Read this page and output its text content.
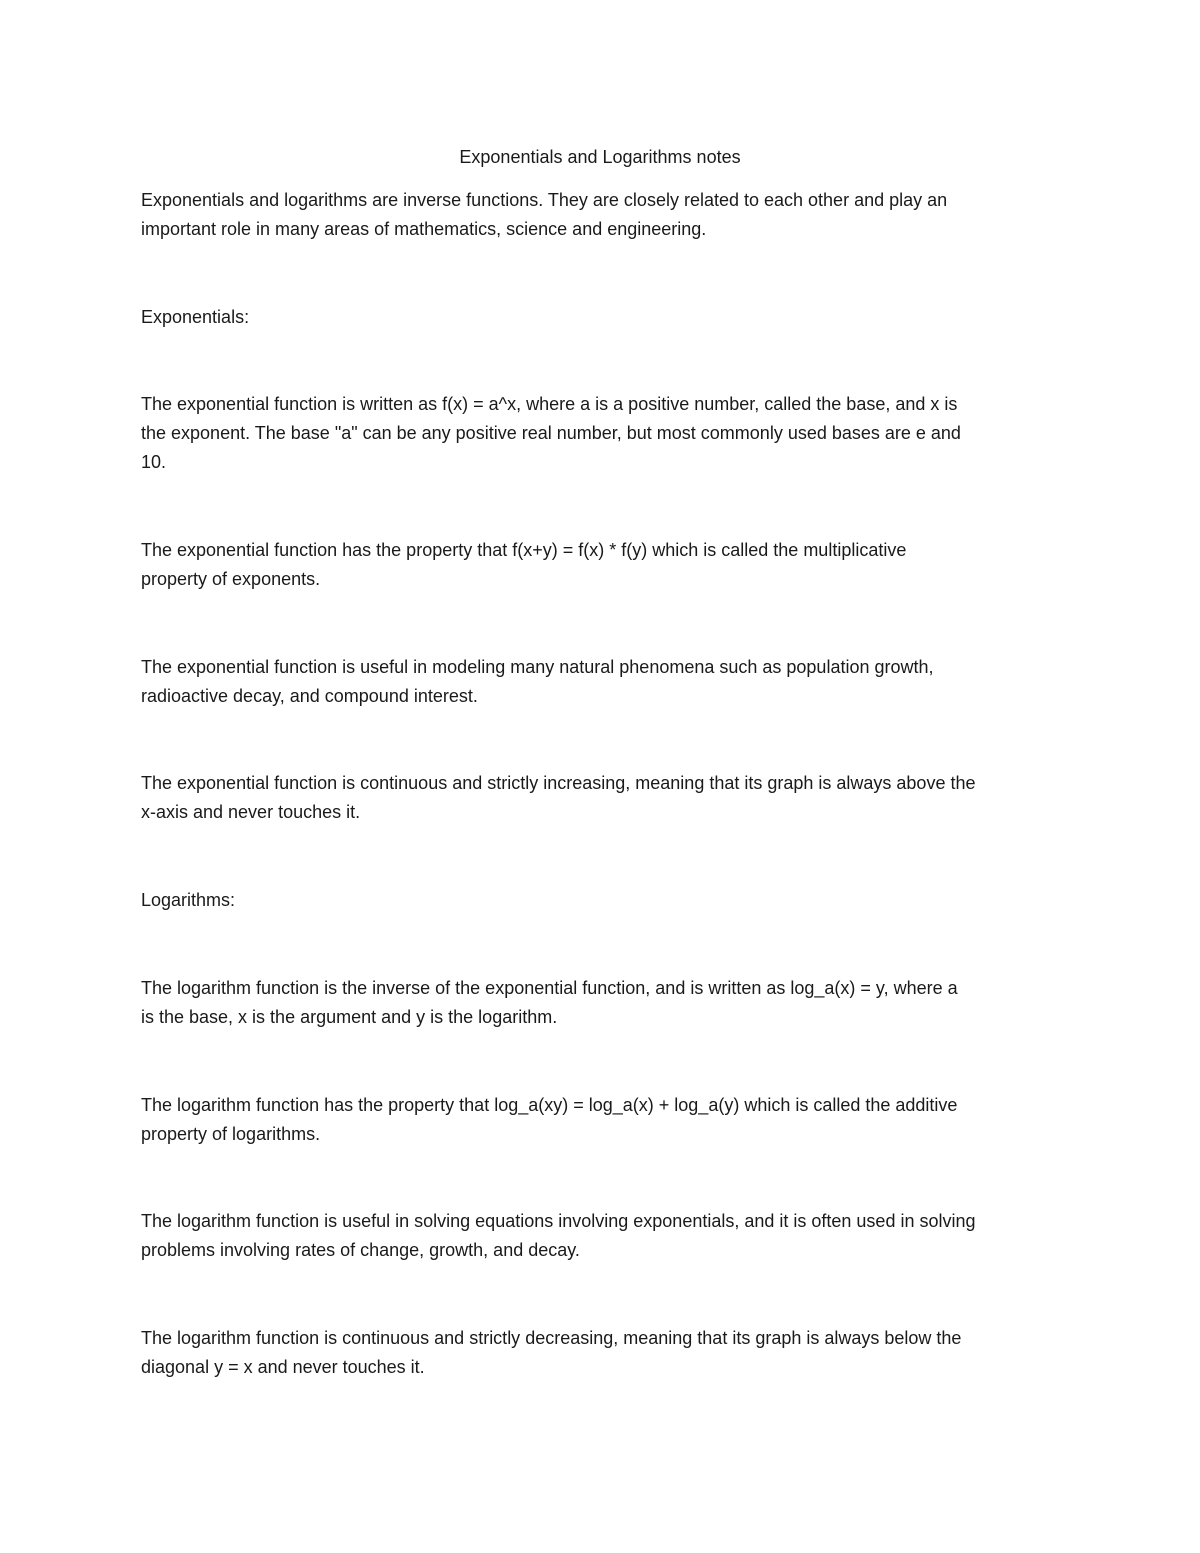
Exponentials and Logarithms notes

Exponentials and logarithms are inverse functions. They are closely related to each other and play an
important role in many areas of mathematics, science and engineering.

Exponentials:

The exponential function is written as f(x) = a^x, where a is a positive number, called the base, and x is
the exponent. The base "a" can be any positive real number, but most commonly used bases are e and
10.

The exponential function has the property that f(x+y) = f(x) * f(y) which is called the multiplicative
property of exponents.

The exponential function is useful in modeling many natural phenomena such as population growth,
radioactive decay, and compound interest.

The exponential function is continuous and strictly increasing, meaning that its graph is always above the
x-axis and never touches it.

Logarithms:

The logarithm function is the inverse of the exponential function, and is written as log_a(x) = y, where a
is the base, x is the argument and y is the logarithm.

The logarithm function has the property that log_a(xy) = log_a(x) + log_a(y) which is called the additive
property of logarithms.

The logarithm function is useful in solving equations involving exponentials, and it is often used in solving
problems involving rates of change, growth, and decay.

The logarithm function is continuous and strictly decreasing, meaning that its graph is always below the
diagonal y = x and never touches it.
